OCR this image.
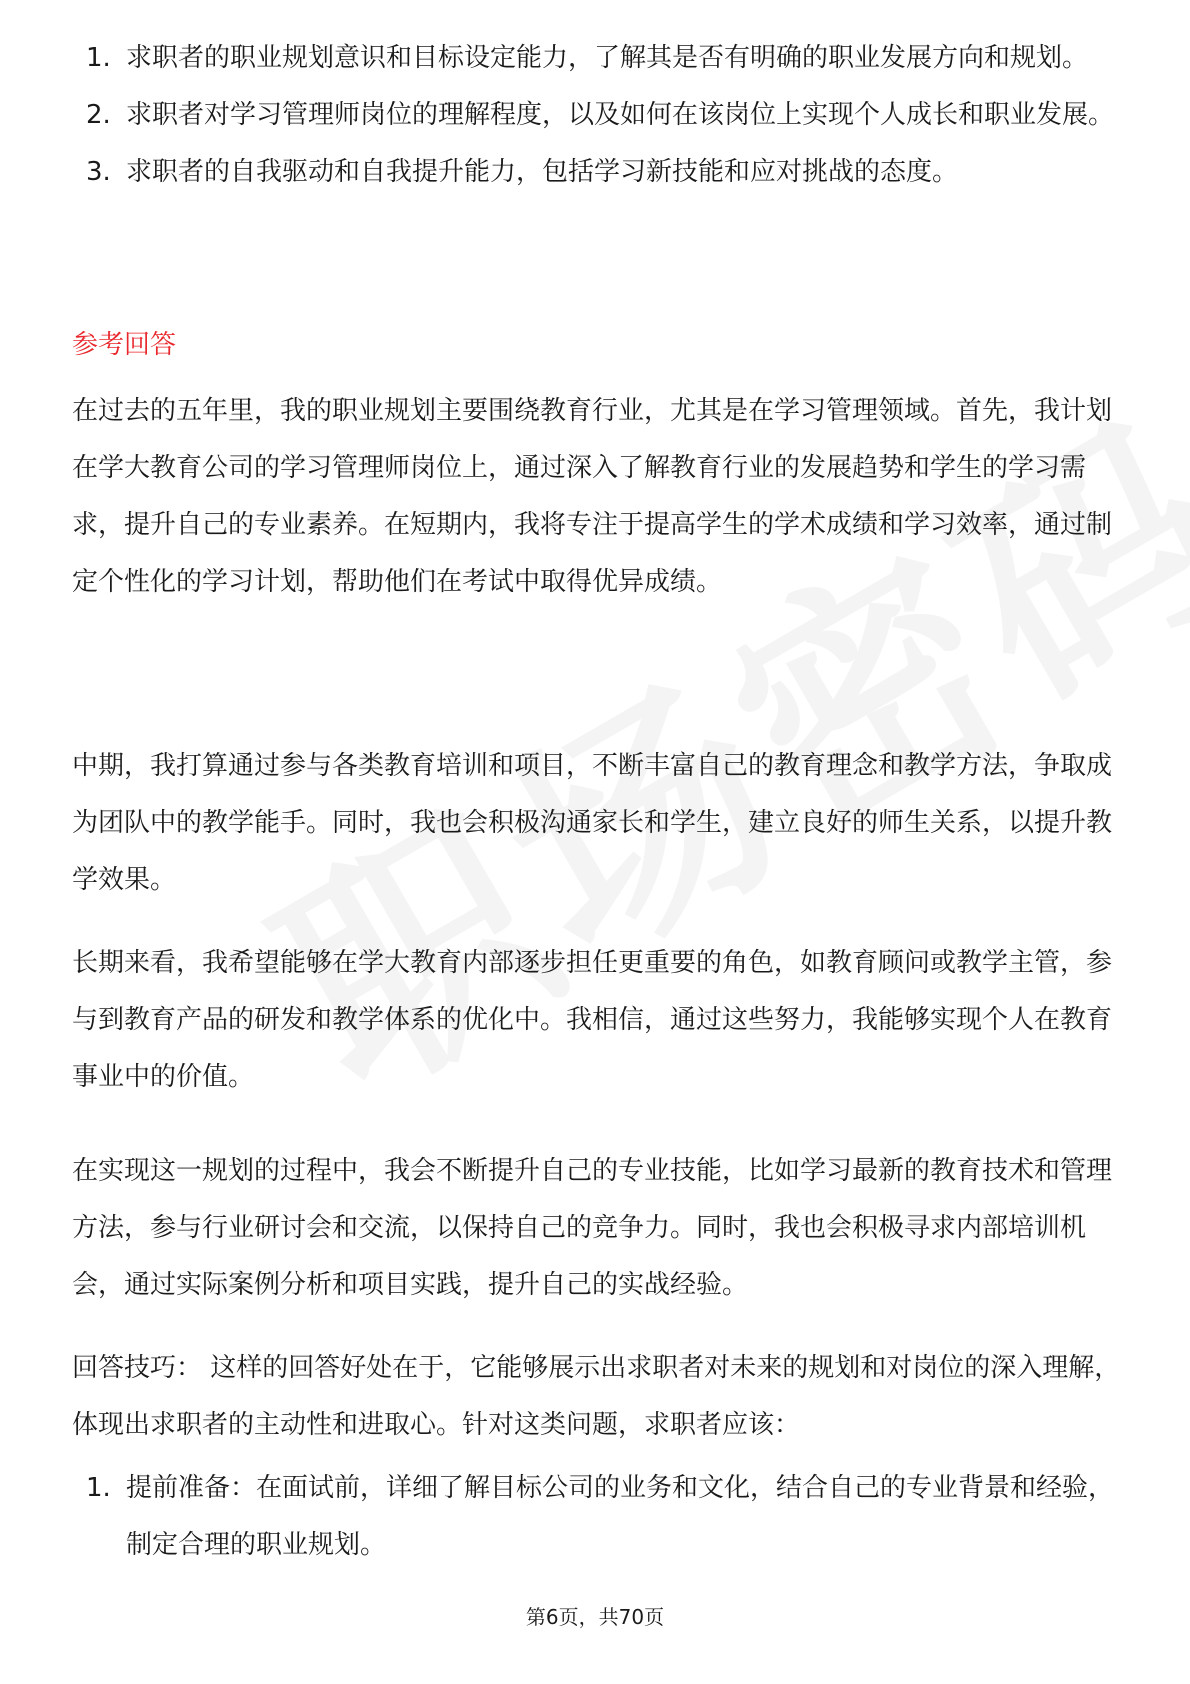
1. 求职者的职业规划意识和目标设定能力，了解其是否有明确的职业发展方向和规划。
2. 求职者对学习管理师岗位的理解程度，以及如何在该岗位上实现个人成长和职业发展。
3. 求职者的自我驱动和自我提升能力，包括学习新技能和应对挑战的态度。
参考回答

在过去的五年里，我的职业规划主要围绕教育行业，尤其是在学习管理领域。首先，我计划在学大教育公司的学习管理师岗位上，通过深入了解教育行业的发展趋势和学生的学习需求，提升自己的专业素养。在短期内，我将专注于提高学生的学术成绩和学习效率，通过制定个性化的学习计划，帮助他们在考试中取得优异成绩。

中期，我打算通过参与各类教育培训和项目，不断丰富自己的教育理念和教学方法，争取成为团队中的教学能手。同时，我也会积极沟通家长和学生，建立良好的师生关系，以提升教学效果。

长期来看，我希望能够在学大教育内部逐步担任更重要的角色，如教育顾问或教学主管，参与到教育产品的研发和教学体系的优化中。我相信，通过这些努力，我能够实现个人在教育事业中的价值。

在实现这一规划的过程中，我会不断提升自己的专业技能，比如学习最新的教育技术和管理方法，参与行业研讨会和交流，以保持自己的竞争力。同时，我也会积极寻求内部培训机会，通过实际案例分析和项目实践，提升自己的实战经验。

回答技巧： 这样的回答好处在于，它能够展示出求职者对未来的规划和对岗位的深入理解，体现出求职者的主动性和进取心。针对这类问题，求职者应该：

1. 提前准备：在面试前，详细了解目标公司的业务和文化，结合自己的专业背景和经验，制定合理的职业规划。
第6页，共70页
